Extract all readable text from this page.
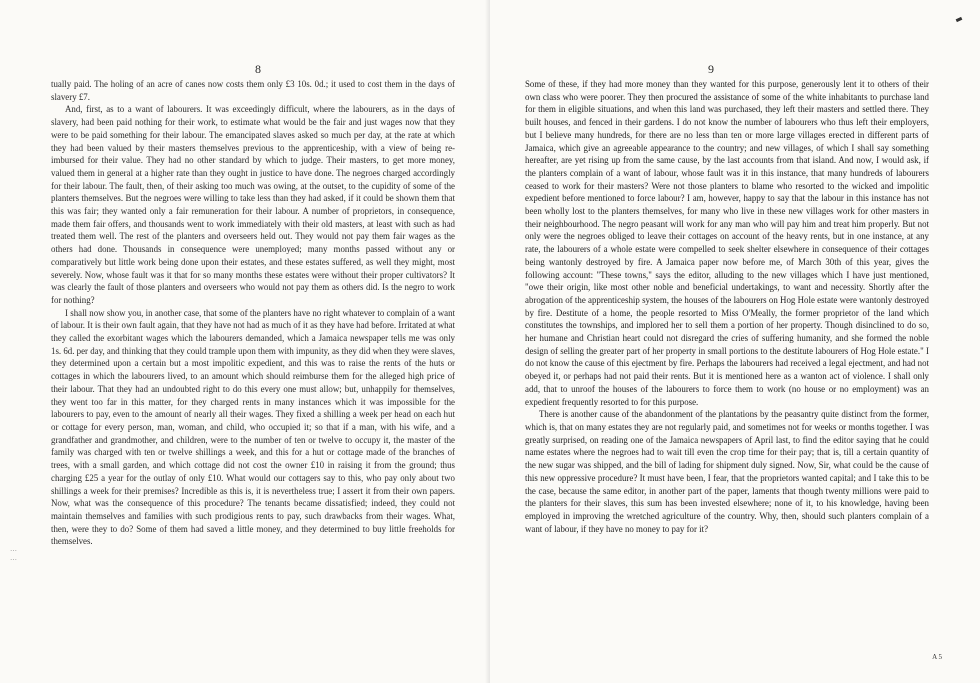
8

tually paid. The holing of an acre of canes now costs them only £3 10s. 0d.; it used to cost them in the days of slavery £7.

And, first, as to a want of labourers. It was exceedingly difficult, where the labourers, as in the days of slavery, had been paid nothing for their work, to estimate what would be the fair and just wages now that they were to be paid something for their labour. The emancipated slaves asked so much per day, at the rate at which they had been valued by their masters themselves previous to the apprenticeship, with a view of being re-imbursed for their value. They had no other standard by which to judge. Their masters, to get more money, valued them in general at a higher rate than they ought in justice to have done. The negroes charged accordingly for their labour. The fault, then, of their asking too much was owing, at the outset, to the cupidity of some of the planters themselves. But the negroes were willing to take less than they had asked, if it could be shown them that this was fair; they wanted only a fair remuneration for their labour. A number of proprietors, in consequence, made them fair offers, and thousands went to work immediately with their old masters, at least with such as had treated them well. The rest of the planters and overseers held out. They would not pay them fair wages as the others had done. Thousands in consequence were unemployed; many months passed without any or comparatively but little work being done upon their estates, and these estates suffered, as well they might, most severely. Now, whose fault was it that for so many months these estates were without their proper cultivators? It was clearly the fault of those planters and overseers who would not pay them as others did. Is the negro to work for nothing?

I shall now show you, in another case, that some of the planters have no right whatever to complain of a want of labour. It is their own fault again, that they have not had as much of it as they have had before. Irritated at what they called the exorbitant wages which the labourers demanded, which a Jamaica newspaper tells me was only 1s. 6d. per day, and thinking that they could trample upon them with impunity, as they did when they were slaves, they determined upon a certain but a most impolitic expedient, and this was to raise the rents of the huts or cottages in which the labourers lived, to an amount which should reimburse them for the alleged high price of their labour. That they had an undoubted right to do this every one must allow; but, unhappily for themselves, they went too far in this matter, for they charged rents in many instances which it was impossible for the labourers to pay, even to the amount of nearly all their wages. They fixed a shilling a week per head on each hut or cottage for every person, man, woman, and child, who occupied it; so that if a man, with his wife, and a grandfather and grandmother, and children, were to the number of ten or twelve to occupy it, the master of the family was charged with ten or twelve shillings a week, and this for a hut or cottage made of the branches of trees, with a small garden, and which cottage did not cost the owner £10 in raising it from the ground; thus charging £25 a year for the outlay of only £10. What would our cottagers say to this, who pay only about two shillings a week for their premises? Incredible as this is, it is nevertheless true; I assert it from their own papers. Now, what was the consequence of this procedure? The tenants became dissatisfied; indeed, they could not maintain themselves and families with such prodigious rents to pay, such drawbacks from their wages. What, then, were they to do? Some of them had saved a little money, and they determined to buy little freeholds for themselves.

…
…
9

Some of these, if they had more money than they wanted for this purpose, generously lent it to others of their own class who were poorer. They then procured the assistance of some of the white inhabitants to purchase land for them in eligible situations, and when this land was purchased, they left their masters and settled there. They built houses, and fenced in their gardens. I do not know the number of labourers who thus left their employers, but I believe many hundreds, for there are no less than ten or more large villages erected in different parts of Jamaica, which give an agreeable appearance to the country; and new villages, of which I shall say something hereafter, are yet rising up from the same cause, by the last accounts from that island. And now, I would ask, if the planters complain of a want of labour, whose fault was it in this instance, that many hundreds of labourers ceased to work for their masters? Were not those planters to blame who resorted to the wicked and impolitic expedient before mentioned to force labour? I am, however, happy to say that the labour in this instance has not been wholly lost to the planters themselves, for many who live in these new villages work for other masters in their neighbourhood. The negro peasant will work for any man who will pay him and treat him properly. But not only were the negroes obliged to leave their cottages on account of the heavy rents, but in one instance, at any rate, the labourers of a whole estate were compelled to seek shelter elsewhere in consequence of their cottages being wantonly destroyed by fire. A Jamaica paper now before me, of March 30th of this year, gives the following account: "These towns," says the editor, alluding to the new villages which I have just mentioned, "owe their origin, like most other noble and beneficial undertakings, to want and necessity. Shortly after the abrogation of the apprenticeship system, the houses of the labourers on Hog Hole estate were wantonly destroyed by fire. Destitute of a home, the people resorted to Miss O'Meally, the former proprietor of the land which constitutes the townships, and implored her to sell them a portion of her property. Though disinclined to do so, her humane and Christian heart could not disregard the cries of suffering humanity, and she formed the noble design of selling the greater part of her property in small portions to the destitute labourers of Hog Hole estate." I do not know the cause of this ejectment by fire. Perhaps the labourers had received a legal ejectment, and had not obeyed it, or perhaps had not paid their rents. But it is mentioned here as a wanton act of violence. I shall only add, that to unroof the houses of the labourers to force them to work (no house or no employment) was an expedient frequently resorted to for this purpose.

There is another cause of the abandonment of the plantations by the peasantry quite distinct from the former, which is, that on many estates they are not regularly paid, and sometimes not for weeks or months together. I was greatly surprised, on reading one of the Jamaica newspapers of April last, to find the editor saying that he could name estates where the negroes had to wait till even the crop time for their pay; that is, till a certain quantity of the new sugar was shipped, and the bill of lading for shipment duly signed. Now, Sir, what could be the cause of this new oppressive procedure? It must have been, I fear, that the proprietors wanted capital; and I take this to be the case, because the same editor, in another part of the paper, laments that though twenty millions were paid to the planters for their slaves, this sum has been invested elsewhere; none of it, to his knowledge, having been employed in improving the wretched agriculture of the country. Why, then, should such planters complain of a want of labour, if they have no money to pay for it?

A 5
